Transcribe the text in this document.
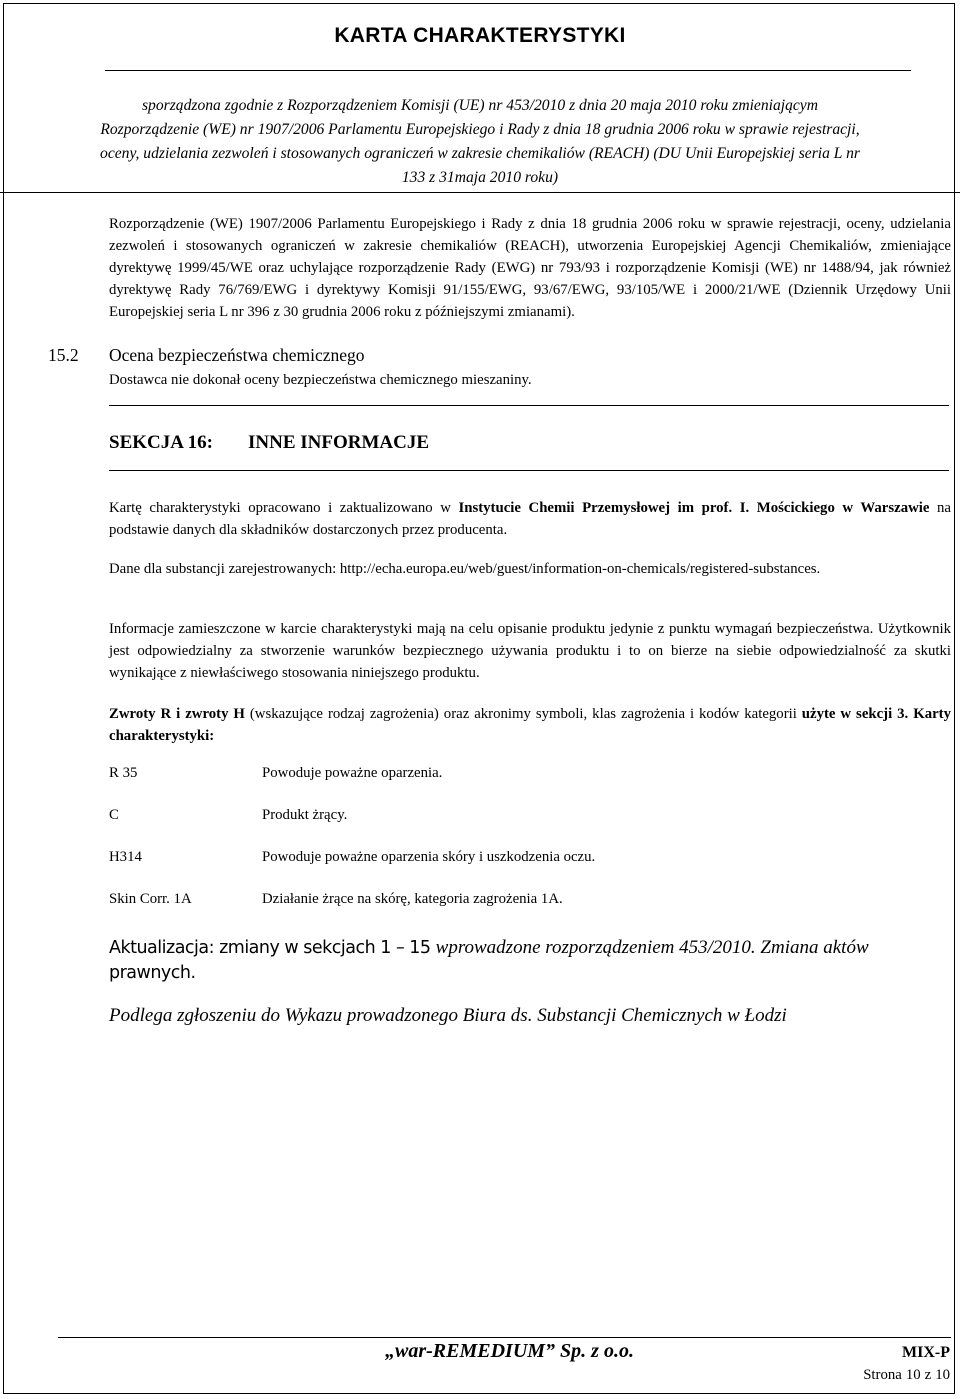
KARTA CHARAKTERYSTYKI
sporządzona zgodnie z Rozporządzeniem Komisji (UE) nr 453/2010 z dnia 20 maja 2010 roku zmieniającym
Rozporządzenie (WE) nr 1907/2006 Parlamentu Europejskiego i Rady z dnia 18 grudnia 2006 roku w sprawie rejestracji,
oceny, udzielania zezwoleń i stosowanych ograniczeń w zakresie chemikaliów (REACH) (DU Unii Europejskiej seria L nr
133 z 31maja 2010 roku)
Rozporządzenie (WE) 1907/2006 Parlamentu Europejskiego i Rady z dnia 18 grudnia 2006 roku w sprawie rejestracji, oceny, udzielania zezwoleń i stosowanych ograniczeń w zakresie chemikaliów (REACH), utworzenia Europejskiej Agencji Chemikaliów, zmieniające dyrektywę 1999/45/WE oraz uchylające rozporządzenie Rady (EWG) nr 793/93 i rozporządzenie Komisji (WE) nr 1488/94, jak również dyrektywę Rady 76/769/EWG i dyrektywy Komisji 91/155/EWG, 93/67/EWG, 93/105/WE i 2000/21/WE (Dziennik Urzędowy Unii Europejskiej seria L nr 396 z 30 grudnia 2006 roku z późniejszymi zmianami).
15.2 Ocena bezpieczeństwa chemicznego
Dostawca nie dokonał oceny bezpieczeństwa chemicznego mieszaniny.
SEKCJA 16: INNE INFORMACJE
Kartę charakterystyki opracowano i zaktualizowano w Instytucie Chemii Przemysłowej im prof. I. Mościckiego w Warszawie na podstawie danych dla składników dostarczonych przez producenta.
Dane dla substancji zarejestrowanych: http://echa.europa.eu/web/guest/information-on-chemicals/registered-substances.
Informacje zamieszczone w karcie charakterystyki mają na celu opisanie produktu jedynie z punktu wymagań bezpieczeństwa. Użytkownik jest odpowiedzialny za stworzenie warunków bezpiecznego używania produktu i to on bierze na siebie odpowiedzialność za skutki wynikające z niewłaściwego stosowania niniejszego produktu.
Zwroty R i zwroty H (wskazujące rodzaj zagrożenia) oraz akronimy symboli, klas zagrożenia i kodów kategorii użyte w sekcji 3. Karty charakterystyki:
R 35	Powoduje poważne oparzenia.
C	Produkt żrący.
H314	Powoduje poważne oparzenia skóry i uszkodzenia oczu.
Skin Corr. 1A	Działanie żrące na skórę, kategoria zagrożenia 1A.
Aktualizacja: zmiany w sekcjach 1 – 15 wprowadzone rozporządzeniem 453/2010. Zmiana aktów
prawnych.
Podlega zgłoszeniu do Wykazu prowadzonego Biura ds. Substancji Chemicznych w Łodzi
„war-REMEDIUM” Sp. z o.o.	MIX-P
Strona 10 z 10
